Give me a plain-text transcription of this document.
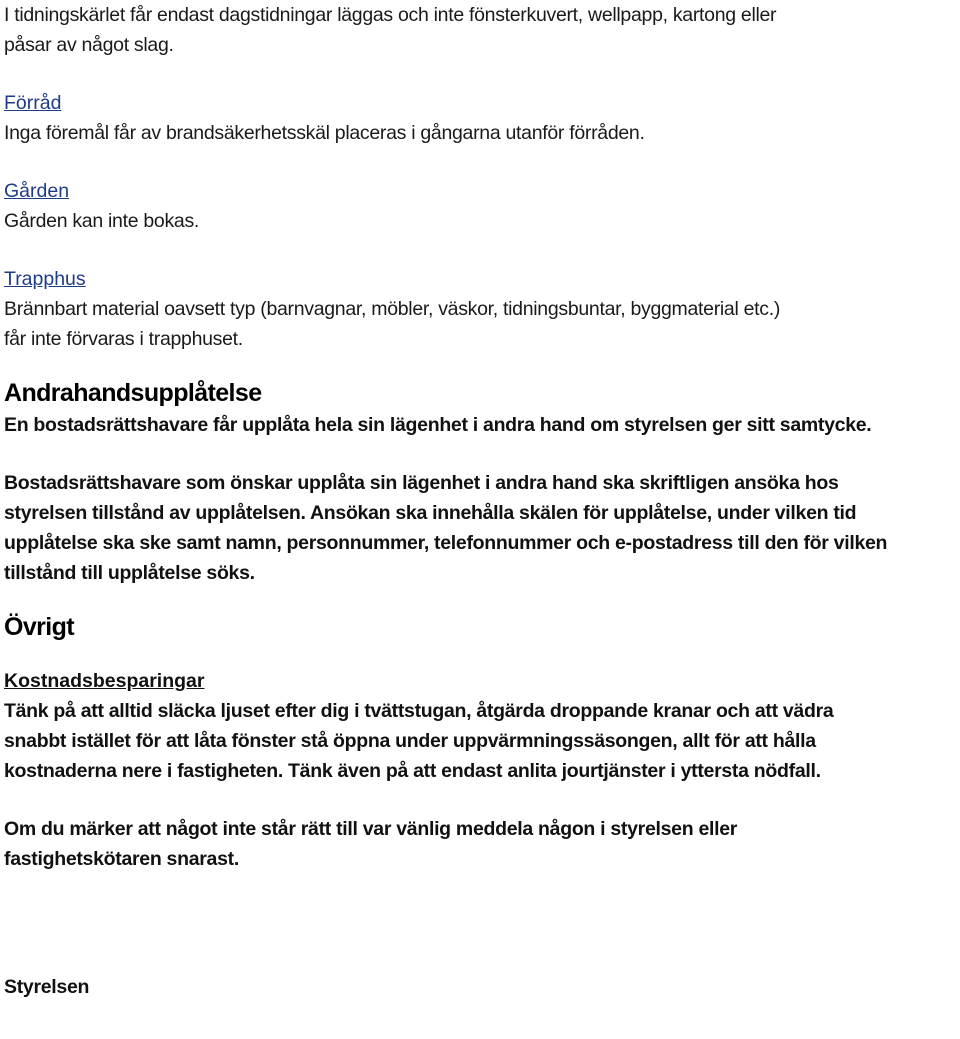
I tidningskärlet får endast dagstidningar läggas och inte fönsterkuvert, wellpapp, kartong eller
påsar av något slag.
Förråd
Inga föremål får av brandsäkerhetsskäl placeras i gångarna utanför förråden.
Gården
Gården kan inte bokas.
Trapphus
Brännbart material oavsett typ (barnvagnar, möbler, väskor, tidningsbuntar, byggmaterial etc.)
får inte förvaras i trapphuset.
Andrahandsupplåtelse
En bostadsrättshavare får upplåta hela sin lägenhet i andra hand om styrelsen ger sitt samtycke.
Bostadsrättshavare som önskar upplåta sin lägenhet i andra hand ska skriftligen ansöka hos
styrelsen tillstånd av upplåtelsen. Ansökan ska innehålla skälen för upplåtelse, under vilken tid
upplåtelse ska ske samt namn, personnummer, telefonnummer och e-postadress till den för vilken
tillstånd till upplåtelse söks.
Övrigt
Kostnadsbesparingar
Tänk på att alltid släcka ljuset efter dig i tvättstugan, åtgärda droppande kranar och att vädra
snabbt istället för att låta fönster stå öppna under uppvärmningssäsongen, allt för att hålla
kostnaderna nere i fastigheten. Tänk även på att endast anlita jourtjänster i yttersta nödfall.
Om du märker att något inte står rätt till var vänlig meddela någon i styrelsen eller
fastighetskötaren snarast.
Styrelsen
